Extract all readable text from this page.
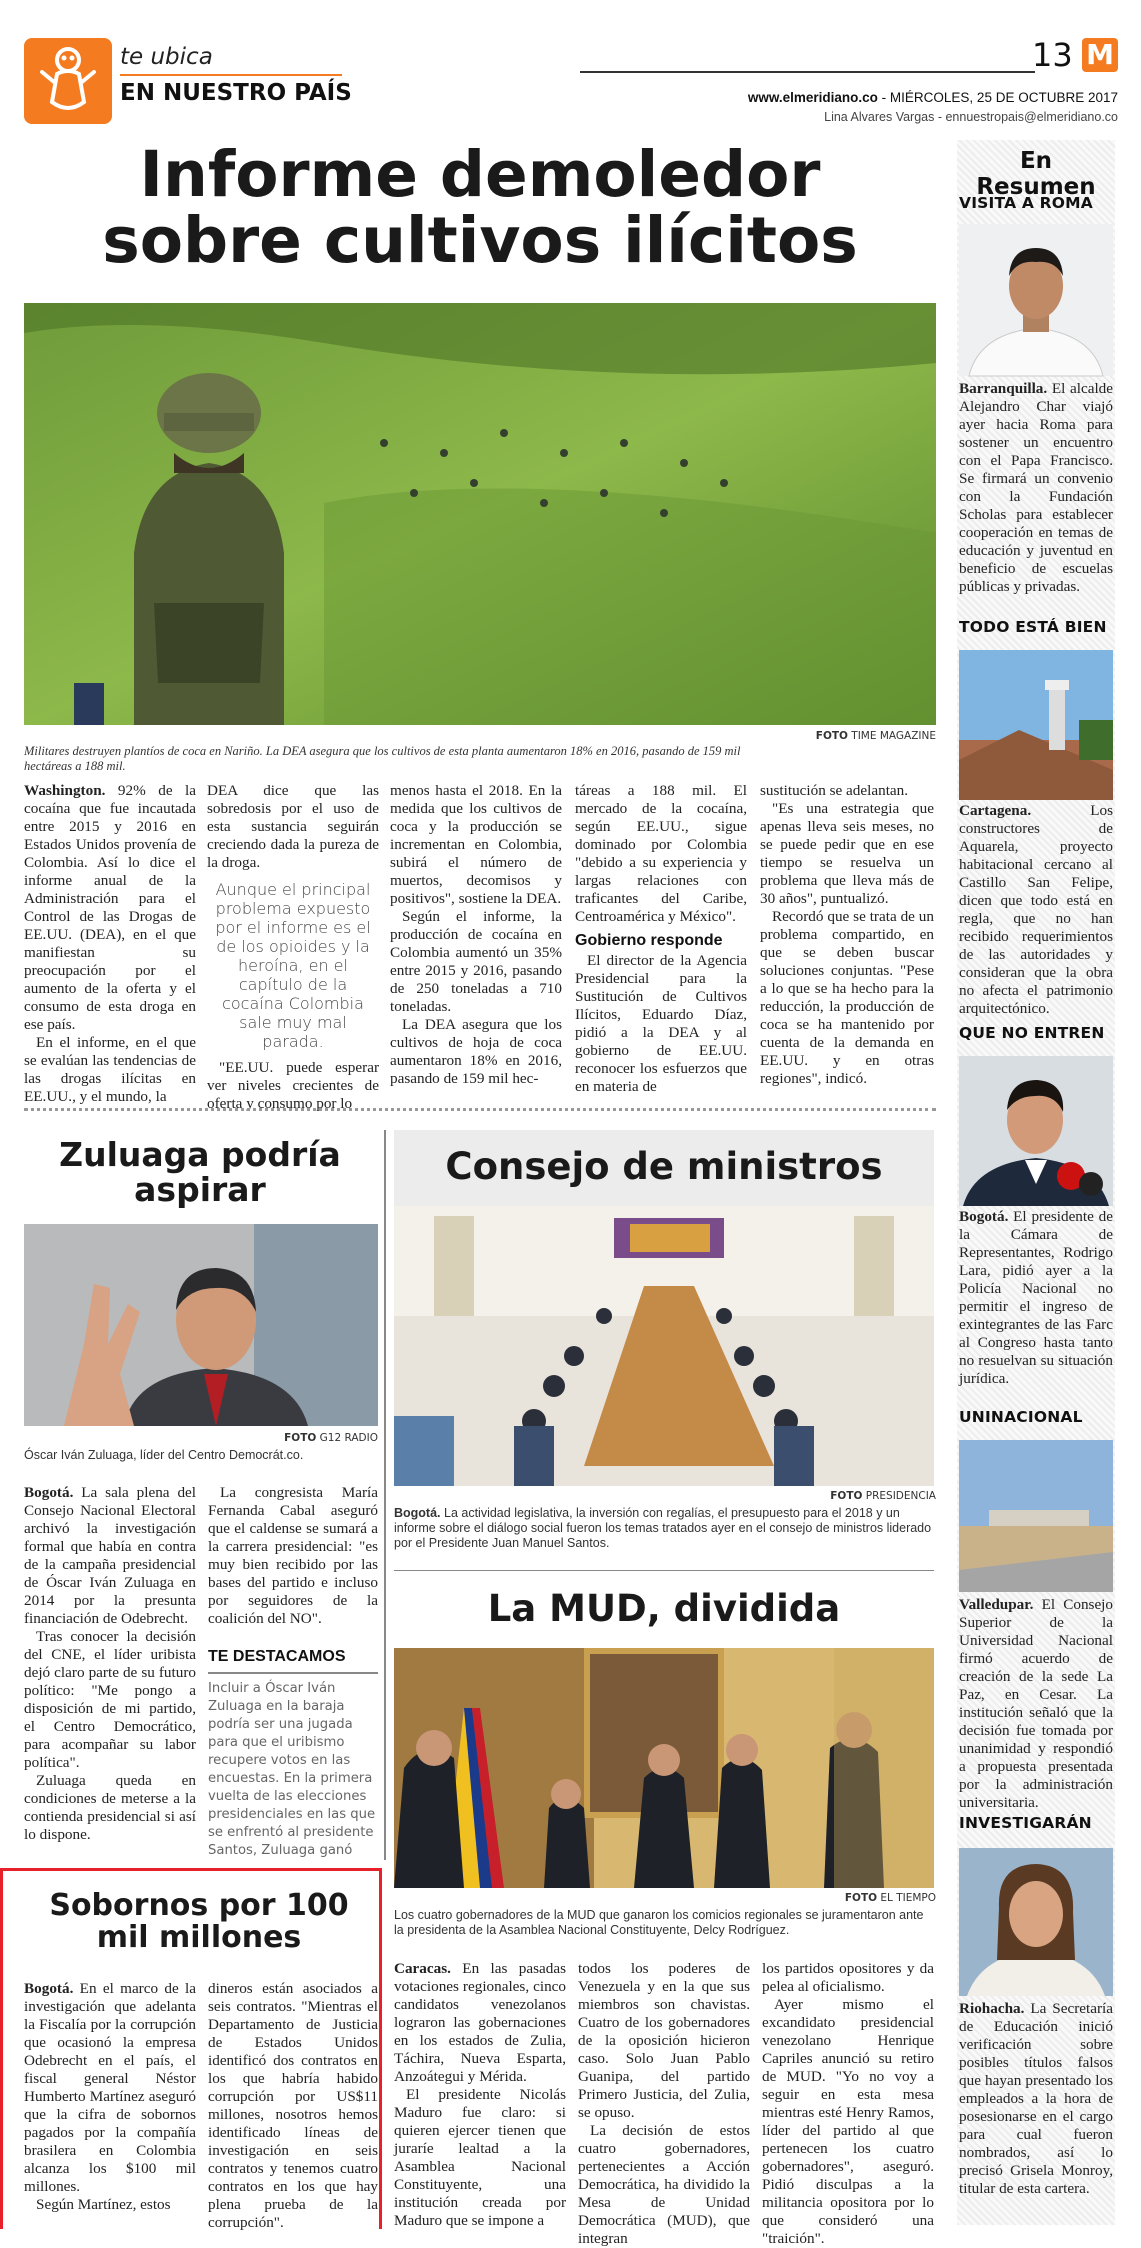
te ubica
EN NUESTRO PAÍS
13 M
www.elmeridiano.co - MIÉRCOLES, 25 DE OCTUBRE 2017
Lina Alvares Vargas - ennuestropais@elmeridiano.co
En Resumen
VISITA A ROMA
Barranquilla. El alcalde Alejandro Char viajó ayer hacia Roma para sostener un encuentro con el Papa Francisco. Se firmará un convenio con la Fundación Scholas para establecer cooperación en temas de educación y juventud en beneficio de escuelas públicas y privadas.
TODO ESTÁ BIEN
Cartagena. Los constructores de Aquarela, proyecto habitacional cercano al Castillo San Felipe, dicen que todo está en regla, que no han recibido requerimientos de las autoridades y consideran que la obra no afecta el patrimonio arquitectónico.
QUE NO ENTREN
Bogotá. El presidente de la Cámara de Representantes, Rodrigo Lara, pidió ayer a la Policía Nacional no permitir el ingreso de exintegrantes de las Farc al Congreso hasta tanto no resuelvan su situación jurídica.
UNINACIONAL
Valledupar. El Consejo Superior de la Universidad Nacional firmó acuerdo de creación de la sede La Paz, en Cesar. La institución señaló que la decisión fue tomada por unanimidad y respondió a propuesta presentada por la administración universitaria.
INVESTIGARÁN
Riohacha. La Secretaría de Educación inició verificación sobre posibles títulos falsos que hayan presentado los empleados a la hora de posesionarse en el cargo para cual fueron nombrados, así lo precisó Grisela Monroy, titular de esta cartera.
Informe demoledor
sobre cultivos ilícitos
Militares destruyen plantíos de coca en Nariño. La DEA asegura que los cultivos de esta planta aumentaron 18% en 2016, pasando de 159 mil hectáreas a 188 mil.
FOTO TIME MAGAZINE

Washington. 92% de la cocaína que fue incautada entre 2015 y 2016 en Estados Unidos provenía de Colombia. Así lo dice el informe anual de la Administración para el Control de las Drogas de EE.UU. (DEA), en el que manifiestan su preocupación por el aumento de la oferta y el consumo de esta droga en ese país.

En el informe, en el que se evalúan las tendencias de las drogas ilícitas en EE.UU., y el mundo, la

DEA dice que las sobredosis por el uso de esta sustancia seguirán creciendo dada la pureza de la droga.

Aunque el principal problema expuesto por el informe es el de los opioides y la heroína, en el capítulo de la cocaína Colombia sale muy mal parada.

"EE.UU. puede esperar ver niveles crecientes de oferta y consumo por lo

menos hasta el 2018. En la medida que los cultivos de coca y la producción se incrementan en Colombia, subirá el número de muertos, decomisos y positivos", sostiene la DEA.

Según el informe, la producción de cocaína en Colombia aumentó un 35% entre 2015 y 2016, pasando de 250 toneladas a 710 toneladas.

La DEA asegura que los cultivos de hoja de coca aumentaron 18% en 2016, pasando de 159 mil hec-

táreas a 188 mil. El mercado de la cocaína, según EE.UU., sigue dominado por Colombia "debido a su experiencia y largas relaciones con traficantes del Caribe, Centroamérica y México".

Gobierno responde

El director de la Agencia Presidencial para la Sustitución de Cultivos Ilícitos, Eduardo Díaz, pidió a la DEA y al gobierno de EE.UU. reconocer los esfuerzos que en materia de

sustitución se adelantan.

"Es una estrategia que apenas lleva seis meses, no se puede pedir que en ese tiempo se resuelva un problema que lleva más de 30 años", puntualizó.

Recordó que se trata de un problema compartido, en que se deben buscar soluciones conjuntas. "Pese a lo que se ha hecho para la reducción, la producción de coca se ha mantenido por cuenta de la demanda en EE.UU. y en otras regiones", indicó.

Zuluaga podría aspirar
FOTO G12 RADIO
Óscar Iván Zuluaga, líder del Centro Democrát.co.

Bogotá. La sala plena del Consejo Nacional Electoral archivó la investigación formal que había en contra de la campaña presidencial de Óscar Iván Zuluaga en 2014 por la presunta financiación de Odebrecht.

Tras conocer la decisión del CNE, el líder uribista dejó claro parte de su futuro político: "Me pongo a disposición de mi partido, el Centro Democrático, para acompañar su labor política".

Zuluaga queda en condiciones de meterse a la contienda presidencial si así lo dispone.

La congresista María Fernanda Cabal aseguró que el caldense se sumará a la carrera presidencial: "es muy bien recibido por las bases del partido e incluso por seguidores de la coalición del NO".

TE DESTACAMOS
Incluir a Óscar Iván Zuluaga en la baraja podría ser una jugada para que el uribismo recupere votos en las encuestas. En la primera vuelta de las elecciones presidenciales en las que se enfrentó al presidente Santos, Zuluaga ganó
Consejo de ministros
FOTO PRESIDENCIA
Bogotá. La actividad legislativa, la inversión con regalías, el presupuesto para el 2018 y un informe sobre el diálogo social fueron los temas tratados ayer en el consejo de ministros liderado por el Presidente Juan Manuel Santos.
La MUD, dividida
FOTO EL TIEMPO
Los cuatro gobernadores de la MUD que ganaron los comicios regionales se juramentaron ante la presidenta de la Asamblea Nacional Constituyente, Delcy Rodríguez.

Caracas. En las pasadas votaciones regionales, cinco candidatos venezolanos lograron las gobernaciones en los estados de Zulia, Táchira, Nueva Esparta, Anzoátegui y Mérida.

El presidente Nicolás Maduro fue claro: si quieren ejercer tienen que juraríe lealtad a la Asamblea Nacional Constituyente, una institución creada por Maduro que se impone a

todos los poderes de Venezuela y en la que sus miembros son chavistas. Cuatro de los gobernadores de la oposición hicieron caso. Solo Juan Pablo Guanipa, del partido Primero Justicia, del Zulia, se opuso.

La decisión de estos cuatro gobernadores, pertenecientes a Acción Democrática, ha dividido la Mesa de Unidad Democrática (MUD), que integran

los partidos opositores y da pelea al oficialismo.

Ayer mismo el excandidato presidencial venezolano Henrique Capriles anunció su retiro de MUD. "Yo no voy a seguir en esta mesa mientras esté Henry Ramos, líder del partido al que pertenecen los cuatro gobernadores", aseguró. Pidió disculpas a la militancia opositora por lo que consideró una "traición".

Sobornos por 100 mil millones

Bogotá. En el marco de la investigación que adelanta la Fiscalía por la corrupción que ocasionó la empresa Odebrecht en el país, el fiscal general Néstor Humberto Martínez aseguró que la cifra de sobornos pagados por la compañía brasilera en Colombia alcanza los $100 mil millones.

Según Martínez, estos

dineros están asociados a seis contratos. "Mientras el Departamento de Justicia de Estados Unidos identificó dos contratos en los que habría habido corrupción por US$11 millones, nosotros hemos identificado líneas de investigación en seis contratos y tenemos cuatro contratos en los que hay plena prueba de la corrupción".
